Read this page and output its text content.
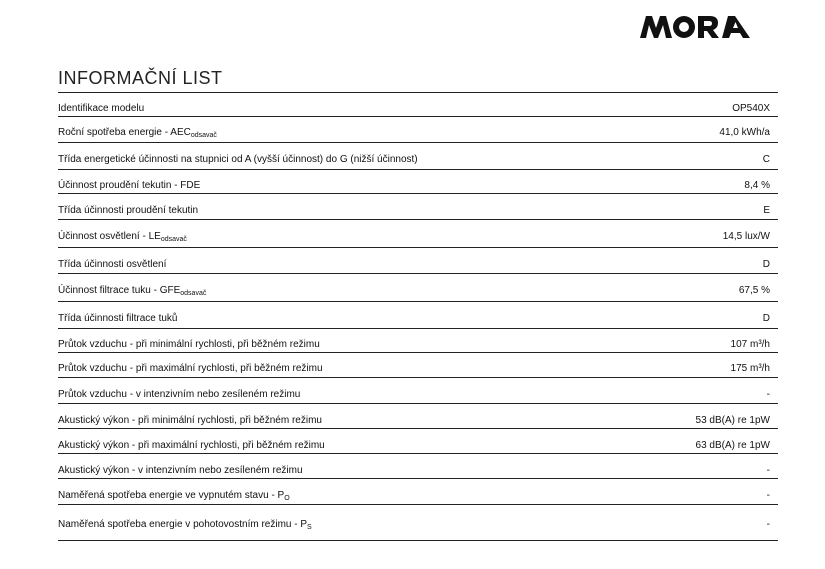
INFORMAČNÍ LIST
Identifikace modelu	OP540X
Roční spotřeba energie - $AEC_{odsavač}$	41,0 kWh/a
Třída energetické účinnosti na stupnici od A (vyšší účinnost) do G (nižší účinnost)	C
Účinnost proudění tekutin - FDE	8,4 %
Třída účinnosti proudění tekutin	E
Účinnost osvětlení - $LE_{odsavač}$	14,5 lux/W
Třída účinnosti osvětlení	D
Účinnost filtrace tuku - $GFE_{odsavač}$	67,5 %
Třída účinnosti filtrace tuků	D
Průtok vzduchu - při minimální rychlosti, při běžném režimu	107 m³/h
Průtok vzduchu - při maximální rychlosti, při běžném režimu	175 m³/h
Průtok vzduchu - v intenzivním nebo zesíleném režimu	-
Akustický výkon - při minimální rychlosti, při běžném režimu	53 dB(A) re 1pW
Akustický výkon - při maximální rychlosti, při běžném režimu	63 dB(A) re 1pW
Akustický výkon - v intenzivním nebo zesíleném režimu	-
Naměřená spotřeba energie ve vypnutém stavu - $P_O$	-
Naměřená spotřeba energie v pohotovostním režimu - $P_S$	-
